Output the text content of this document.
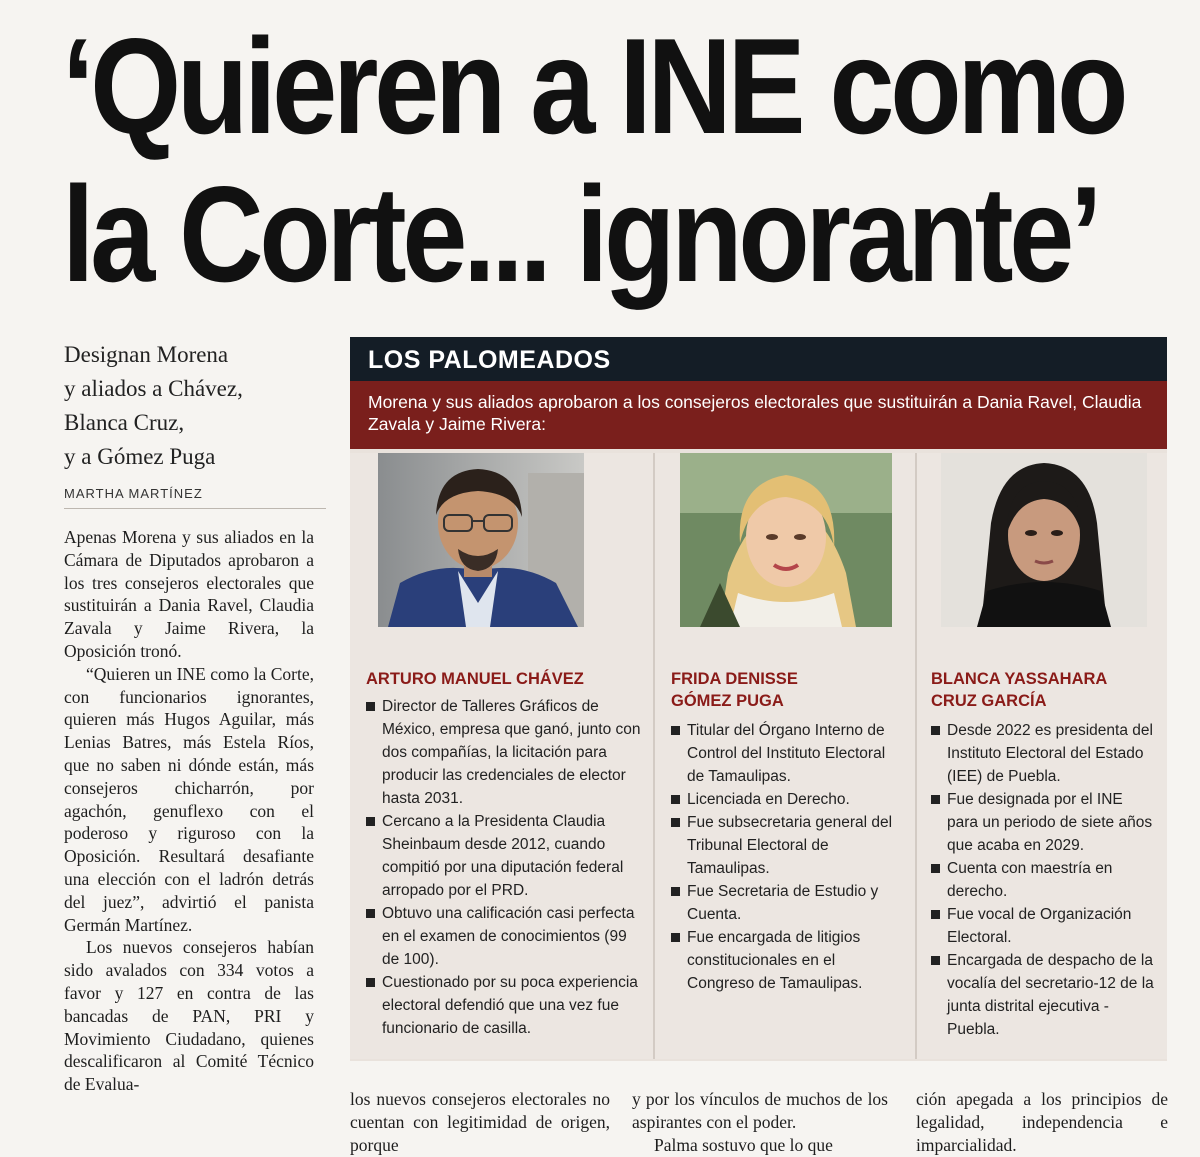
‘Quieren a INE como
la Corte... ignorante’
Designan Morena
y aliados a Chávez,
Blanca Cruz,
y a Gómez Puga
MARTHA MARTÍNEZ

Apenas Morena y sus aliados en la Cámara de Diputados aprobaron a los tres consejeros electorales que sustituirán a Dania Ravel, Claudia Zavala y Jaime Rivera, la Oposición tronó.

“Quieren un INE como la Corte, con funcionarios ignorantes, quieren más Hugos Aguilar, más Lenias Batres, más Estela Ríos, que no saben ni dónde están, más consejeros chicharrón, por agachón, genuflexo con el poderoso y riguroso con la Oposición. Resultará desafiante una elección con el ladrón detrás del juez”, advirtió el panista Germán Martínez.

Los nuevos consejeros habían sido avalados con 334 votos a favor y 127 en contra de las bancadas de PAN, PRI y Movimiento Ciudadano, quienes descalificaron al Comité Técnico de Evalua-

LOS PALOMEADOS
Morena y sus aliados aprobaron a los consejeros electorales que sustituirán a Dania Ravel, Claudia Zavala y Jaime Rivera:
ARTURO MANUEL CHÁVEZ
Director de Talleres Gráficos de México, empresa que ganó, junto con dos compañías, la licitación para producir las credenciales de elector hasta 2031.
Cercano a la Presidenta Claudia Sheinbaum desde 2012, cuando compitió por una diputación federal arropado por el PRD.
Obtuvo una calificación casi perfecta en el examen de conocimientos (99 de 100).
Cuestionado por su poca experiencia electoral defendió que una vez fue funcionario de casilla.
FRIDA DENISSE
GÓMEZ PUGA
Titular del Órgano Interno de Control del Instituto Electoral de Tamaulipas.
Licenciada en Derecho.
Fue subsecretaria general del Tribunal Electoral de Tamaulipas.
Fue Secretaria de Estudio y Cuenta.
Fue encargada de litigios constitucionales en el Congreso de Tamaulipas.
BLANCA YASSAHARA
CRUZ GARCÍA
Desde 2022 es presidenta del Instituto Electoral del Estado (IEE) de Puebla.
Fue designada por el INE para un periodo de siete años que acaba en 2029.
Cuenta con maestría en derecho.
Fue vocal de Organización Electoral.
Encargada de despacho de la vocalía del secretario-12 de la junta distrital ejecutiva - Puebla.

los nuevos consejeros electorales no cuentan con legitimidad de origen, porque

y por los vínculos de muchos de los aspirantes con el poder.

Palma sostuvo que lo que

ción apegada a los principios de legalidad, independencia e imparcialidad.
